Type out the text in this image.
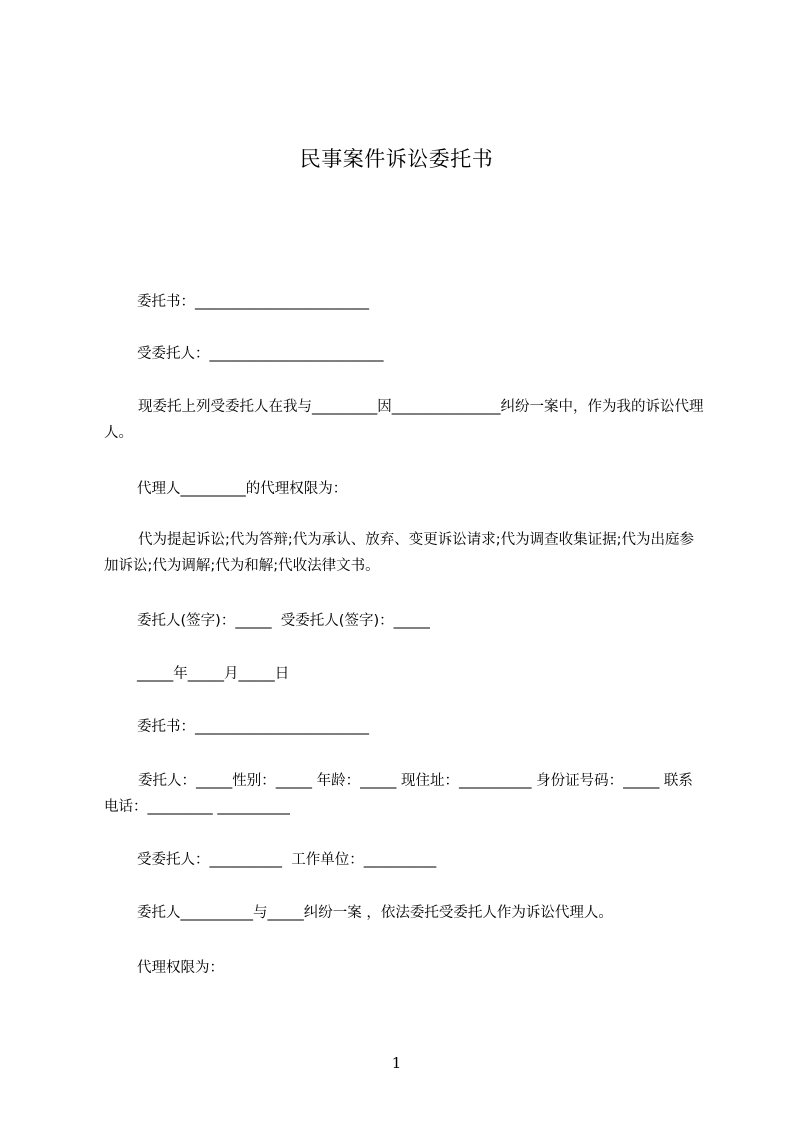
民事案件诉讼委托书
委托书：________________________
受委托人：________________________
现委托上列受委托人在我与_________因_______________纠纷一案中，作为我的诉讼代理人。
代理人_________的代理权限为：
代为提起诉讼;代为答辩;代为承认、放弃、变更诉讼请求;代为调查收集证据;代为出庭参加诉讼;代为调解;代为和解;代收法律文书。
委托人(签字)：_____  受委托人(签字)：_____
_____年_____月_____日
委托书：________________________
委托人：_____性别：_____ 年龄：_____ 现住址：__________ 身份证号码：_____ 联系电话：_________ __________
受委托人：__________  工作单位：__________
委托人__________与_____纠纷一案 ，依法委托受委托人作为诉讼代理人。
代理权限为：
1
